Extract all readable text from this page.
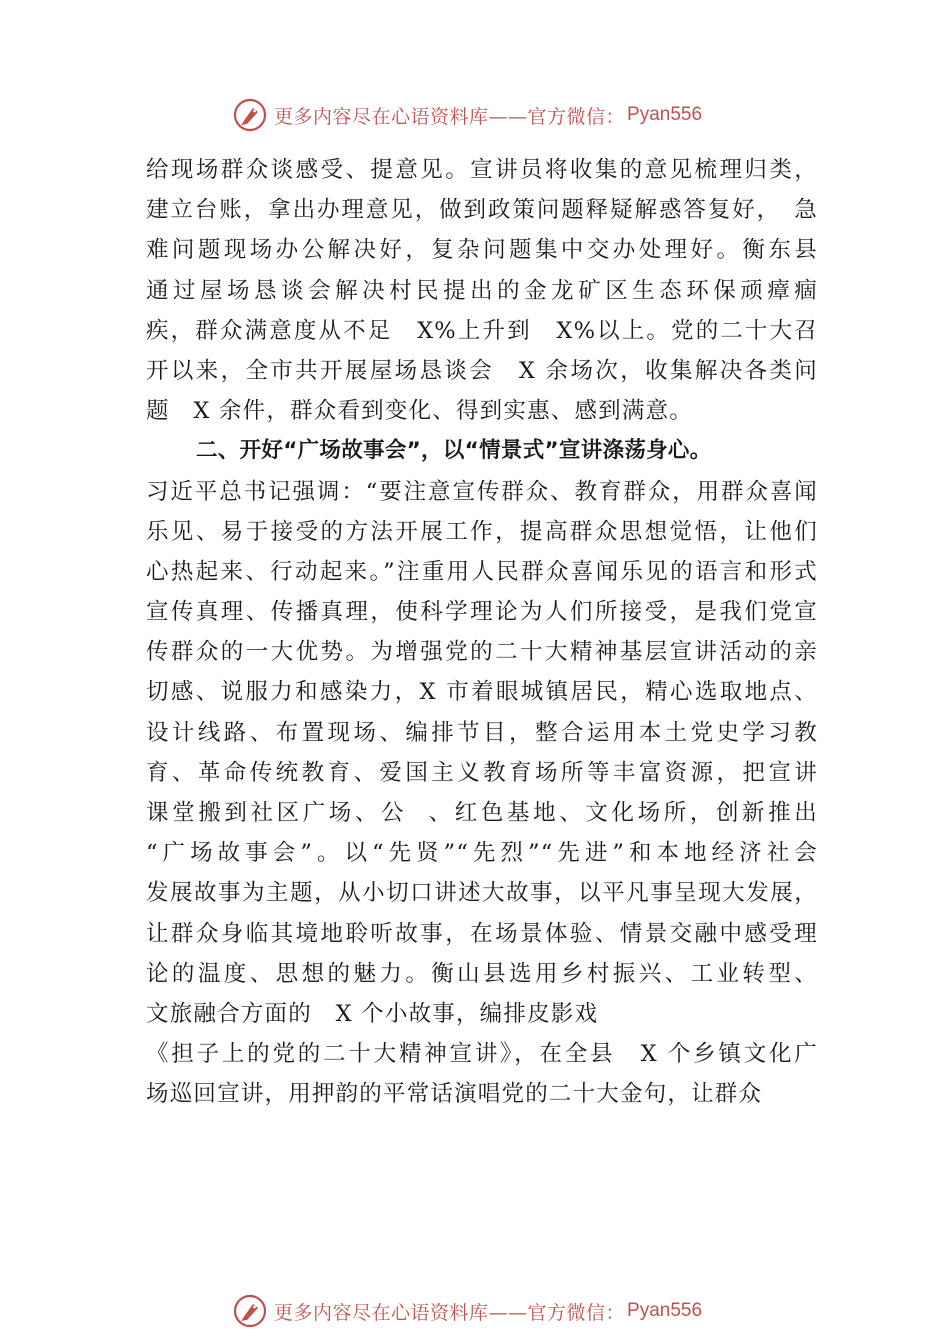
更多内容尽在心语资料库——官方微信： Pyan556
给现场群众谈感受、提意见。宣讲员将收集的意见梳理归类，
建立台账，拿出办理意见，做到政策问题释疑解惑答复好，　急
难问题现场办公解决好，复杂问题集中交办处理好。衡东县
通过屋场恳谈会解决村民提出的金龙矿区生态环保顽瘴痼
疾，群众满意度从不足　X%上升到　X%以上。党的二十大召
开以来，全市共开展屋场恳谈会　X 余场次，收集解决各类问
题　X 余件，群众看到变化、得到实惠、感到满意。
二、开好“广场故事会”，以“情景式”宣讲涤荡身心。
习近平总书记强调：“要注意宣传群众、教育群众，用群众喜闻
乐见、易于接受的方法开展工作，提高群众思想觉悟，让他们
心热起来、行动起来。”注重用人民群众喜闻乐见的语言和形式
宣传真理、传播真理，使科学理论为人们所接受，是我们党宣
传群众的一大优势。为增强党的二十大精神基层宣讲活动的亲
切感、说服力和感染力，X 市着眼城镇居民，精心选取地点、
设计线路、布置现场、编排节目，整合运用本土党史学习教
育、革命传统教育、爱国主义教育场所等丰富资源，把宣讲
课堂搬到社区广场、公  、红色基地、文化场所，创新推出
“广场故事会”。以“先贤”“先烈”“先进”和本地经济社会
发展故事为主题，从小切口讲述大故事，以平凡事呈现大发展，
让群众身临其境地聆听故事，在场景体验、情景交融中感受理
论的温度、思想的魅力。衡山县选用乡村振兴、工业转型、
文旅融合方面的　X 个小故事，编排皮影戏
《担子上的党的二十大精神宣讲》，在全县　X 个乡镇文化广
场巡回宣讲，用押韵的平常话演唱党的二十大金句，让群众
更多内容尽在心语资料库——官方微信： Pyan556
